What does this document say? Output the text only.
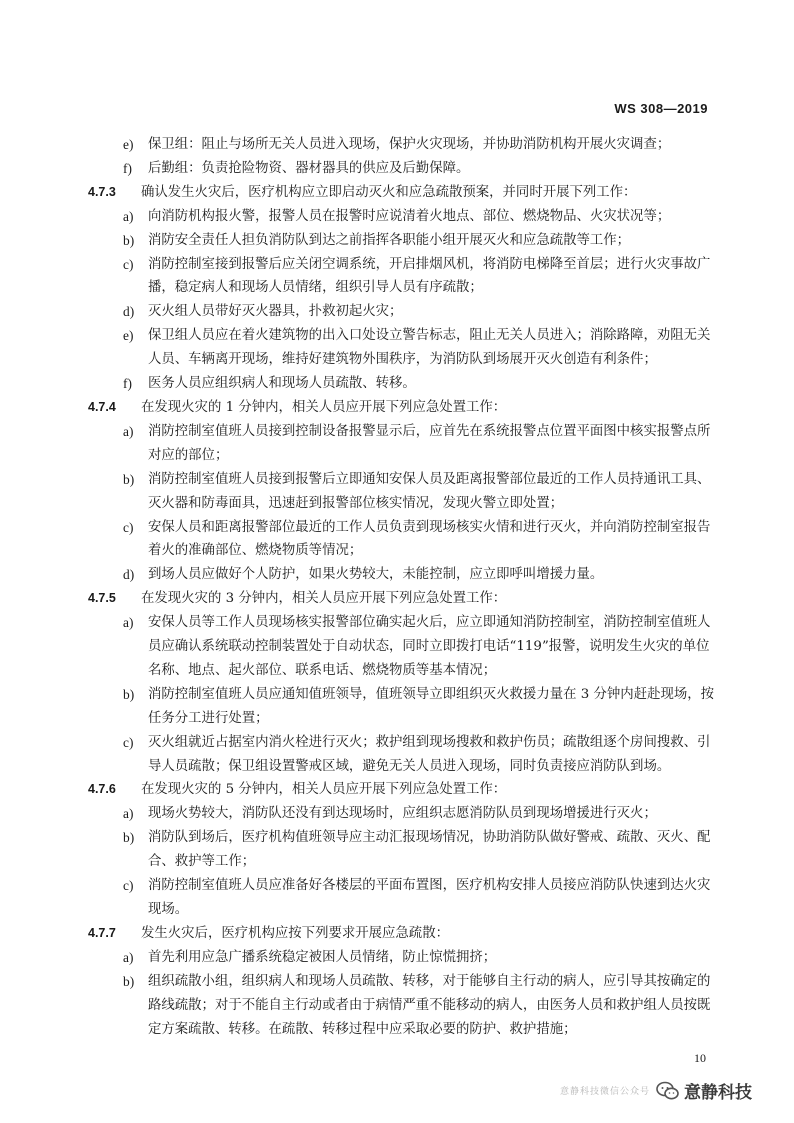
WS 308—2019
e)	保卫组：阻止与场所无关人员进入现场，保护火灾现场，并协助消防机构开展火灾调查；
f)	后勤组：负责抢险物资、器材器具的供应及后勤保障。
4.7.3	确认发生火灾后，医疗机构应立即启动灭火和应急疏散预案，并同时开展下列工作：
a)	向消防机构报火警，报警人员在报警时应说清着火地点、部位、燃烧物品、火灾状况等；
b)	消防安全责任人担负消防队到达之前指挥各职能小组开展灭火和应急疏散等工作；
c)	消防控制室接到报警后应关闭空调系统，开启排烟风机，将消防电梯降至首层；进行火灾事故广播，稳定病人和现场人员情绪，组织引导人员有序疏散；
d)	灭火组人员带好灭火器具，扑救初起火灾；
e)	保卫组人员应在着火建筑物的出入口处设立警告标志，阻止无关人员进入；消除路障，劝阻无关人员、车辆离开现场，维持好建筑物外围秩序，为消防队到场展开灭火创造有利条件；
f)	医务人员应组织病人和现场人员疏散、转移。
4.7.4	在发现火灾的 1 分钟内，相关人员应开展下列应急处置工作：
a)	消防控制室值班人员接到控制设备报警显示后，应首先在系统报警点位置平面图中核实报警点所对应的部位；
b)	消防控制室值班人员接到报警后立即通知安保人员及距离报警部位最近的工作人员持通讯工具、灭火器和防毒面具，迅速赶到报警部位核实情况，发现火警立即处置；
c)	安保人员和距离报警部位最近的工作人员负责到现场核实火情和进行灭火，并向消防控制室报告着火的准确部位、燃烧物质等情况；
d)	到场人员应做好个人防护，如果火势较大，未能控制，应立即呼叫增援力量。
4.7.5	在发现火灾的 3 分钟内，相关人员应开展下列应急处置工作：
a)	安保人员等工作人员现场核实报警部位确实起火后，应立即通知消防控制室，消防控制室值班人员应确认系统联动控制装置处于自动状态，同时立即拨打电话“119”报警，说明发生火灾的单位名称、地点、起火部位、联系电话、燃烧物质等基本情况；
b)	消防控制室值班人员应通知值班领导，值班领导立即组织灭火救援力量在 3 分钟内赶赴现场，按任务分工进行处置；
c)	灭火组就近占据室内消火栓进行灭火；救护组到现场搜救和救护伤员；疏散组逐个房间搜救、引导人员疏散；保卫组设置警戒区域，避免无关人员进入现场，同时负责接应消防队到场。
4.7.6	在发现火灾的 5 分钟内，相关人员应开展下列应急处置工作：
a)	现场火势较大，消防队还没有到达现场时，应组织志愿消防队员到现场增援进行灭火；
b)	消防队到场后，医疗机构值班领导应主动汇报现场情况，协助消防队做好警戒、疏散、灭火、配合、救护等工作；
c)	消防控制室值班人员应准备好各楼层的平面布置图，医疗机构安排人员接应消防队快速到达火灾现场。
4.7.7	发生火灾后，医疗机构应按下列要求开展应急疏散：
a)	首先利用应急广播系统稳定被困人员情绪，防止惊慌拥挤；
b)	组织疏散小组，组织病人和现场人员疏散、转移，对于能够自主行动的病人，应引导其按确定的路线疏散；对于不能自主行动或者由于病情严重不能移动的病人，由医务人员和救护组人员按既定方案疏散、转移。在疏散、转移过程中应采取必要的防护、救护措施；
10
意静科技微信公众号 意静科技
